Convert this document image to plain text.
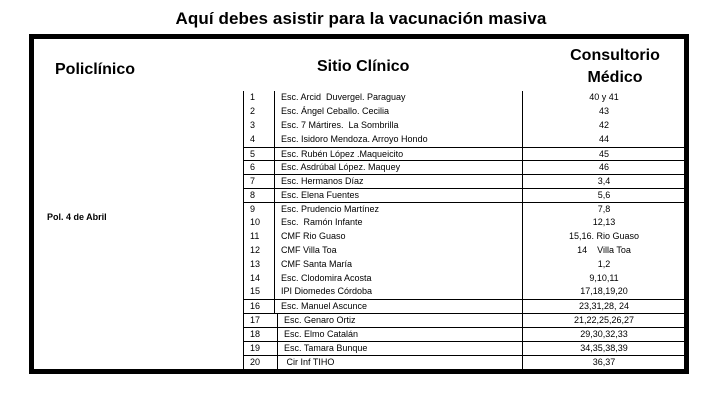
Aquí debes asistir para la vacunación masiva
Policlínico	Sitio Clínico
Consultorio
Médico
Pol. 4 de Abril
1	Esc. Arcid  Duvergel. Paraguay	40 y 41
2	Esc. Ángel Ceballo. Cecilia	43
3	Esc. 7 Mártires.  La Sombrilla	42
4	Esc. Isidoro Mendoza. Arroyo Hondo	44
5	Esc. Rubén López .Maqueicito	45
6	Esc. Asdrúbal López. Maquey	46
7	Esc. Hermanos Díaz	3,4
8	Esc. Elena Fuentes	5,6
9	Esc. Prudencio Martínez	7,8
10	Esc.  Ramón Infante	12,13
11	CMF Rio Guaso	15,16. Rio Guaso
12	CMF Villa Toa	14    Villa Toa
13	CMF Santa María	1,2
14	Esc. Clodomira Acosta	9,10,11
15	IPI Diomedes Córdoba	17,18,19,20
16	Esc. Manuel Ascunce	23,31,28, 24
17	Esc. Genaro Ortiz	21,22,25,26,27
18	Esc. Elmo Catalán	29,30,32,33
19	Esc. Tamara Bunque	34,35,38,39
20	Cir Inf TIHO	36,37
